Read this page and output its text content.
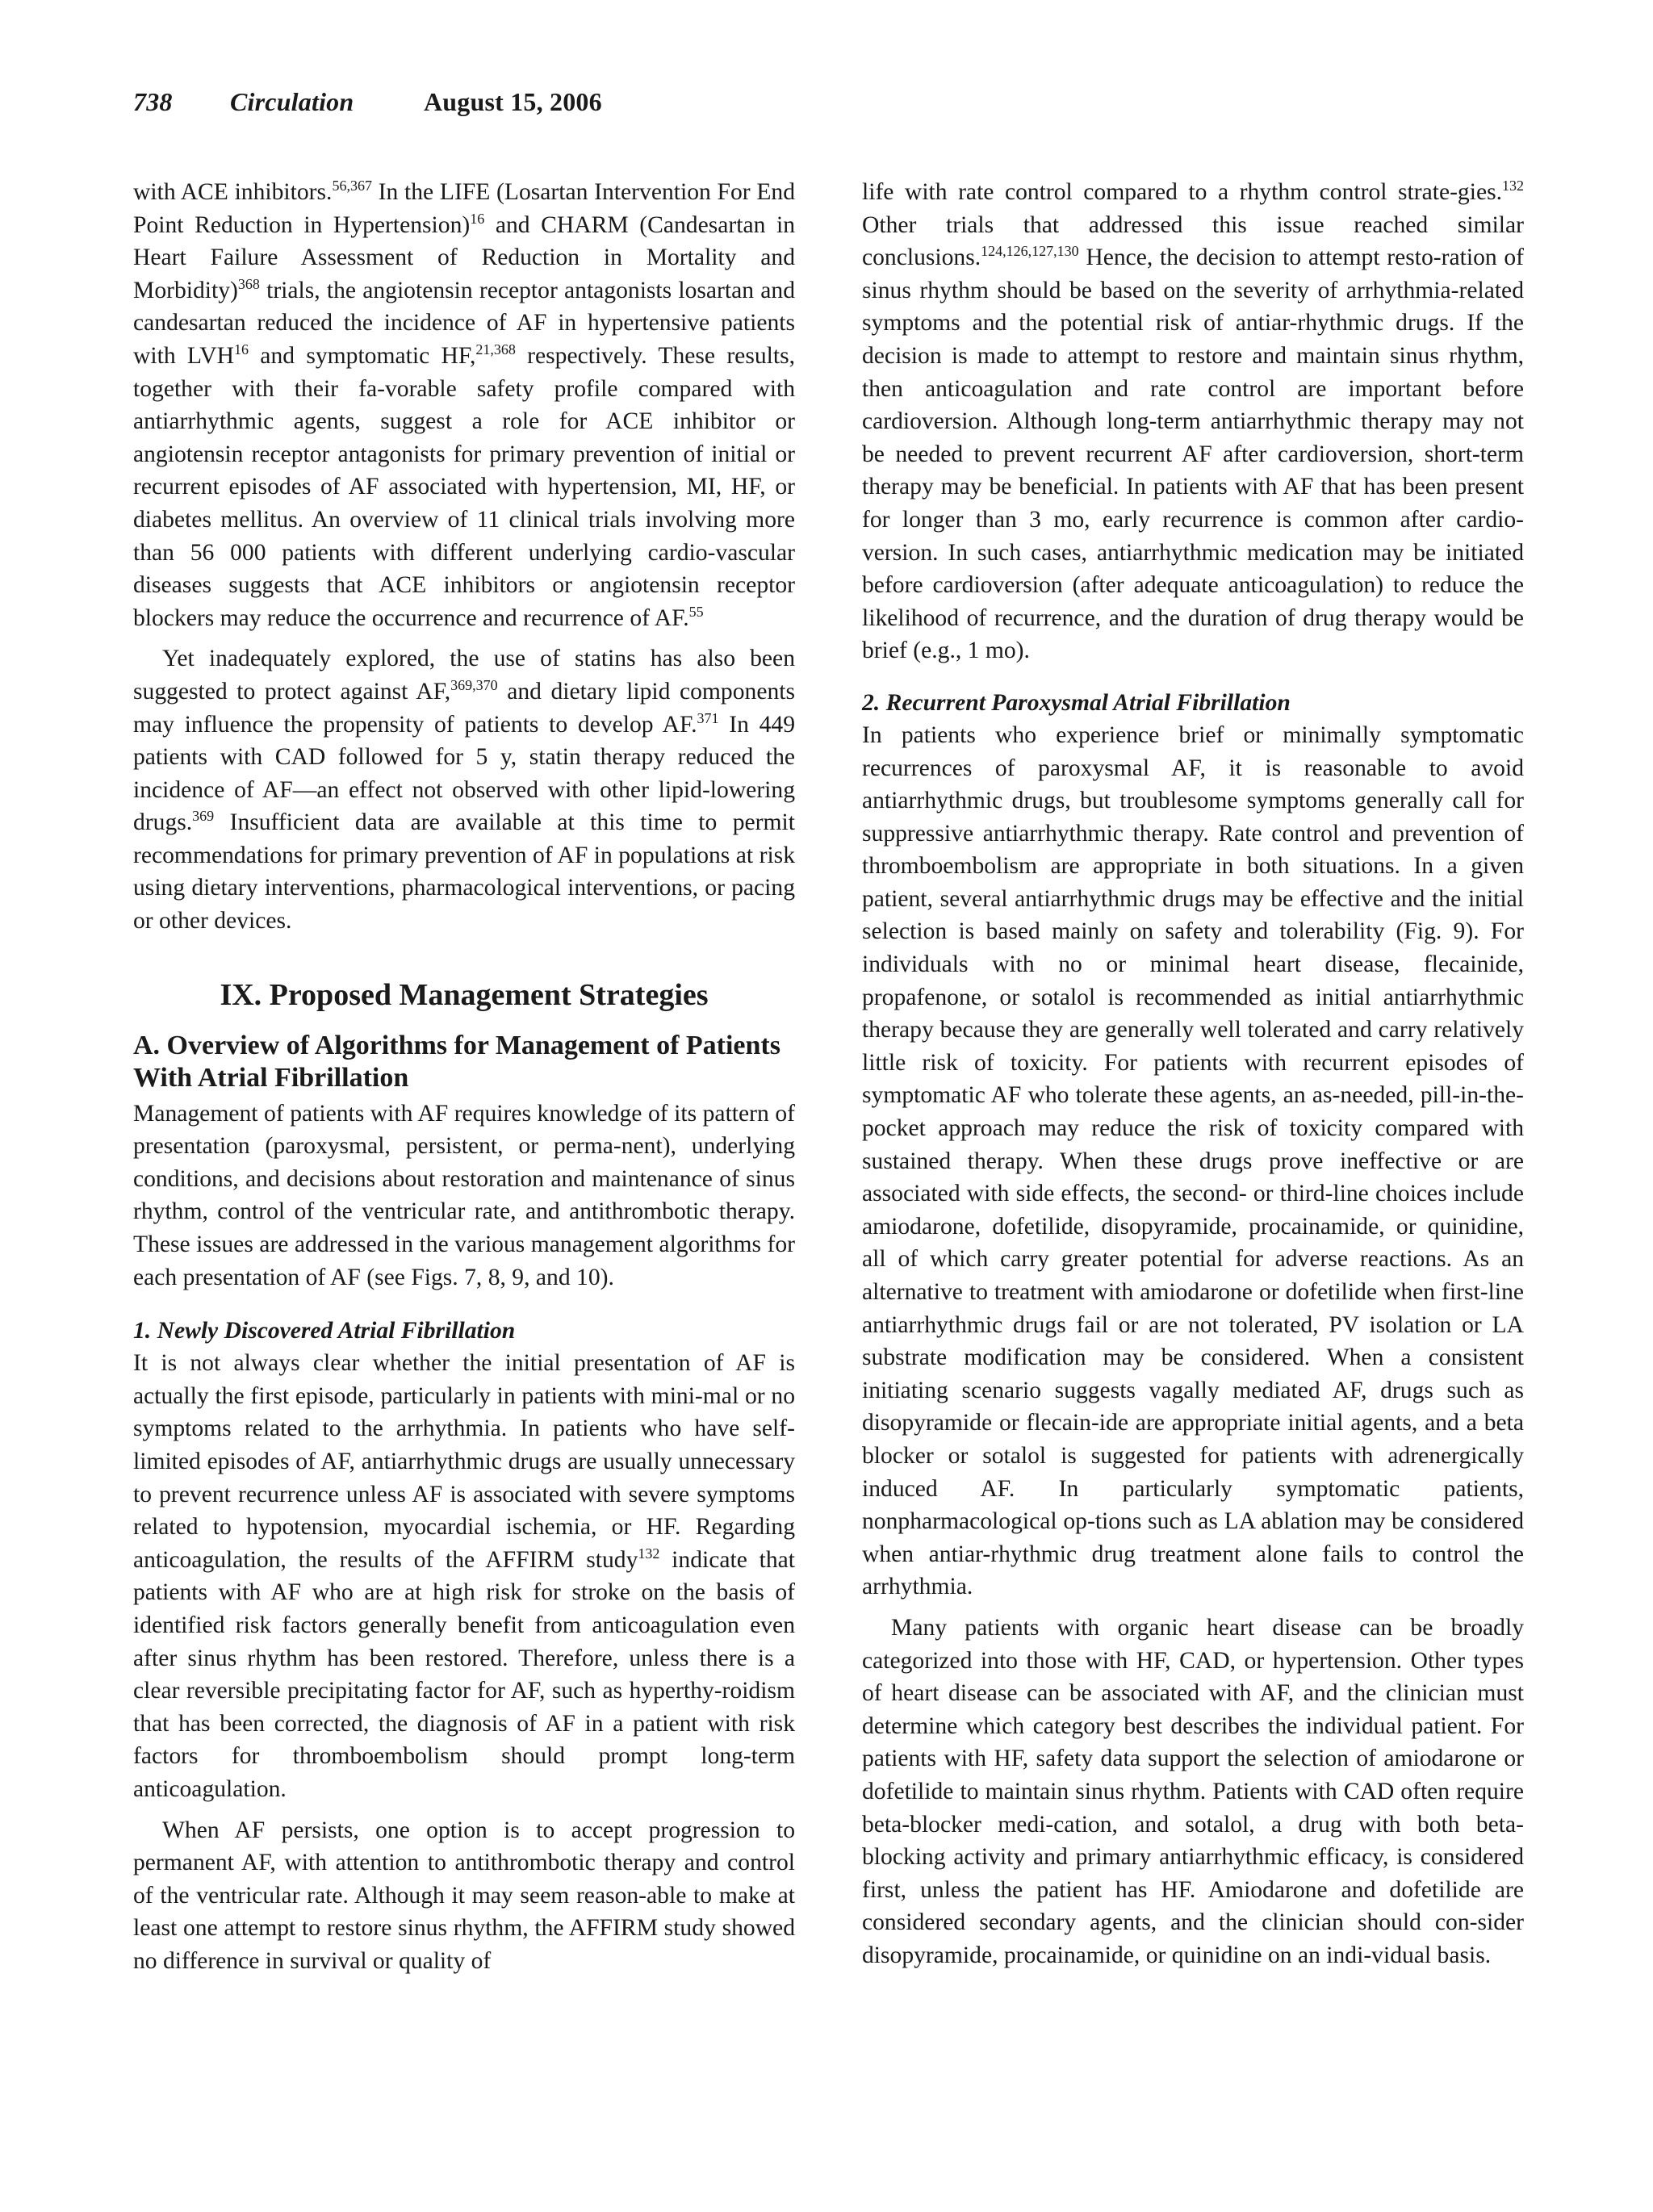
738 Circulation	August 15, 2006

with ACE inhibitors.$^{56,367}$ In the LIFE (Losartan Intervention For End Point Reduction in Hypertension)$^{16}$ and CHARM (Candesartan in Heart Failure Assessment of Reduction in Mortality and Morbidity)$^{368}$ trials, the angiotensin receptor antagonists losartan and candesartan reduced the incidence of AF in hypertensive patients with LVH$^{16}$ and symptomatic HF,$^{21,368}$ respectively. These results, together with their fa-vorable safety profile compared with antiarrhythmic agents, suggest a role for ACE inhibitor or angiotensin receptor antagonists for primary prevention of initial or recurrent episodes of AF associated with hypertension, MI, HF, or diabetes mellitus. An overview of 11 clinical trials involving more than 56 000 patients with different underlying cardio-vascular diseases suggests that ACE inhibitors or angiotensin receptor blockers may reduce the occurrence and recurrence of AF.$^{55}$

Yet inadequately explored, the use of statins has also been suggested to protect against AF,$^{369,370}$ and dietary lipid components may influence the propensity of patients to develop AF.$^{371}$ In 449 patients with CAD followed for 5 y, statin therapy reduced the incidence of AF—an effect not observed with other lipid-lowering drugs.$^{369}$ Insufficient data are available at this time to permit recommendations for primary prevention of AF in populations at risk using dietary interventions, pharmacological interventions, or pacing or other devices.

IX. Proposed Management Strategies
A. Overview of Algorithms for Management of Patients With Atrial Fibrillation

Management of patients with AF requires knowledge of its pattern of presentation (paroxysmal, persistent, or perma-nent), underlying conditions, and decisions about restoration and maintenance of sinus rhythm, control of the ventricular rate, and antithrombotic therapy. These issues are addressed in the various management algorithms for each presentation of AF (see Figs. 7, 8, 9, and 10).

1. Newly Discovered Atrial Fibrillation

It is not always clear whether the initial presentation of AF is actually the first episode, particularly in patients with mini-mal or no symptoms related to the arrhythmia. In patients who have self-limited episodes of AF, antiarrhythmic drugs are usually unnecessary to prevent recurrence unless AF is associated with severe symptoms related to hypotension, myocardial ischemia, or HF. Regarding anticoagulation, the results of the AFFIRM study$^{132}$ indicate that patients with AF who are at high risk for stroke on the basis of identified risk factors generally benefit from anticoagulation even after sinus rhythm has been restored. Therefore, unless there is a clear reversible precipitating factor for AF, such as hyperthy-roidism that has been corrected, the diagnosis of AF in a patient with risk factors for thromboembolism should prompt long-term anticoagulation.

When AF persists, one option is to accept progression to permanent AF, with attention to antithrombotic therapy and control of the ventricular rate. Although it may seem reason-able to make at least one attempt to restore sinus rhythm, the AFFIRM study showed no difference in survival or quality of

life with rate control compared to a rhythm control strate-gies.$^{132}$ Other trials that addressed this issue reached similar conclusions.$^{124,126,127,130}$ Hence, the decision to attempt resto-ration of sinus rhythm should be based on the severity of arrhythmia-related symptoms and the potential risk of antiar-rhythmic drugs. If the decision is made to attempt to restore and maintain sinus rhythm, then anticoagulation and rate control are important before cardioversion. Although long-term antiarrhythmic therapy may not be needed to prevent recurrent AF after cardioversion, short-term therapy may be beneficial. In patients with AF that has been present for longer than 3 mo, early recurrence is common after cardio-version. In such cases, antiarrhythmic medication may be initiated before cardioversion (after adequate anticoagulation) to reduce the likelihood of recurrence, and the duration of drug therapy would be brief (e.g., 1 mo).

2. Recurrent Paroxysmal Atrial Fibrillation

In patients who experience brief or minimally symptomatic recurrences of paroxysmal AF, it is reasonable to avoid antiarrhythmic drugs, but troublesome symptoms generally call for suppressive antiarrhythmic therapy. Rate control and prevention of thromboembolism are appropriate in both situations. In a given patient, several antiarrhythmic drugs may be effective and the initial selection is based mainly on safety and tolerability (Fig. 9). For individuals with no or minimal heart disease, flecainide, propafenone, or sotalol is recommended as initial antiarrhythmic therapy because they are generally well tolerated and carry relatively little risk of toxicity. For patients with recurrent episodes of symptomatic AF who tolerate these agents, an as-needed, pill-in-the-pocket approach may reduce the risk of toxicity compared with sustained therapy. When these drugs prove ineffective or are associated with side effects, the second- or third-line choices include amiodarone, dofetilide, disopyramide, procainamide, or quinidine, all of which carry greater potential for adverse reactions. As an alternative to treatment with amiodarone or dofetilide when first-line antiarrhythmic drugs fail or are not tolerated, PV isolation or LA substrate modification may be considered. When a consistent initiating scenario suggests vagally mediated AF, drugs such as disopyramide or flecain-ide are appropriate initial agents, and a beta blocker or sotalol is suggested for patients with adrenergically induced AF. In particularly symptomatic patients, nonpharmacological op-tions such as LA ablation may be considered when antiar-rhythmic drug treatment alone fails to control the arrhythmia.

Many patients with organic heart disease can be broadly categorized into those with HF, CAD, or hypertension. Other types of heart disease can be associated with AF, and the clinician must determine which category best describes the individual patient. For patients with HF, safety data support the selection of amiodarone or dofetilide to maintain sinus rhythm. Patients with CAD often require beta-blocker medi-cation, and sotalol, a drug with both beta-blocking activity and primary antiarrhythmic efficacy, is considered first, unless the patient has HF. Amiodarone and dofetilide are considered secondary agents, and the clinician should con-sider disopyramide, procainamide, or quinidine on an indi-vidual basis.
